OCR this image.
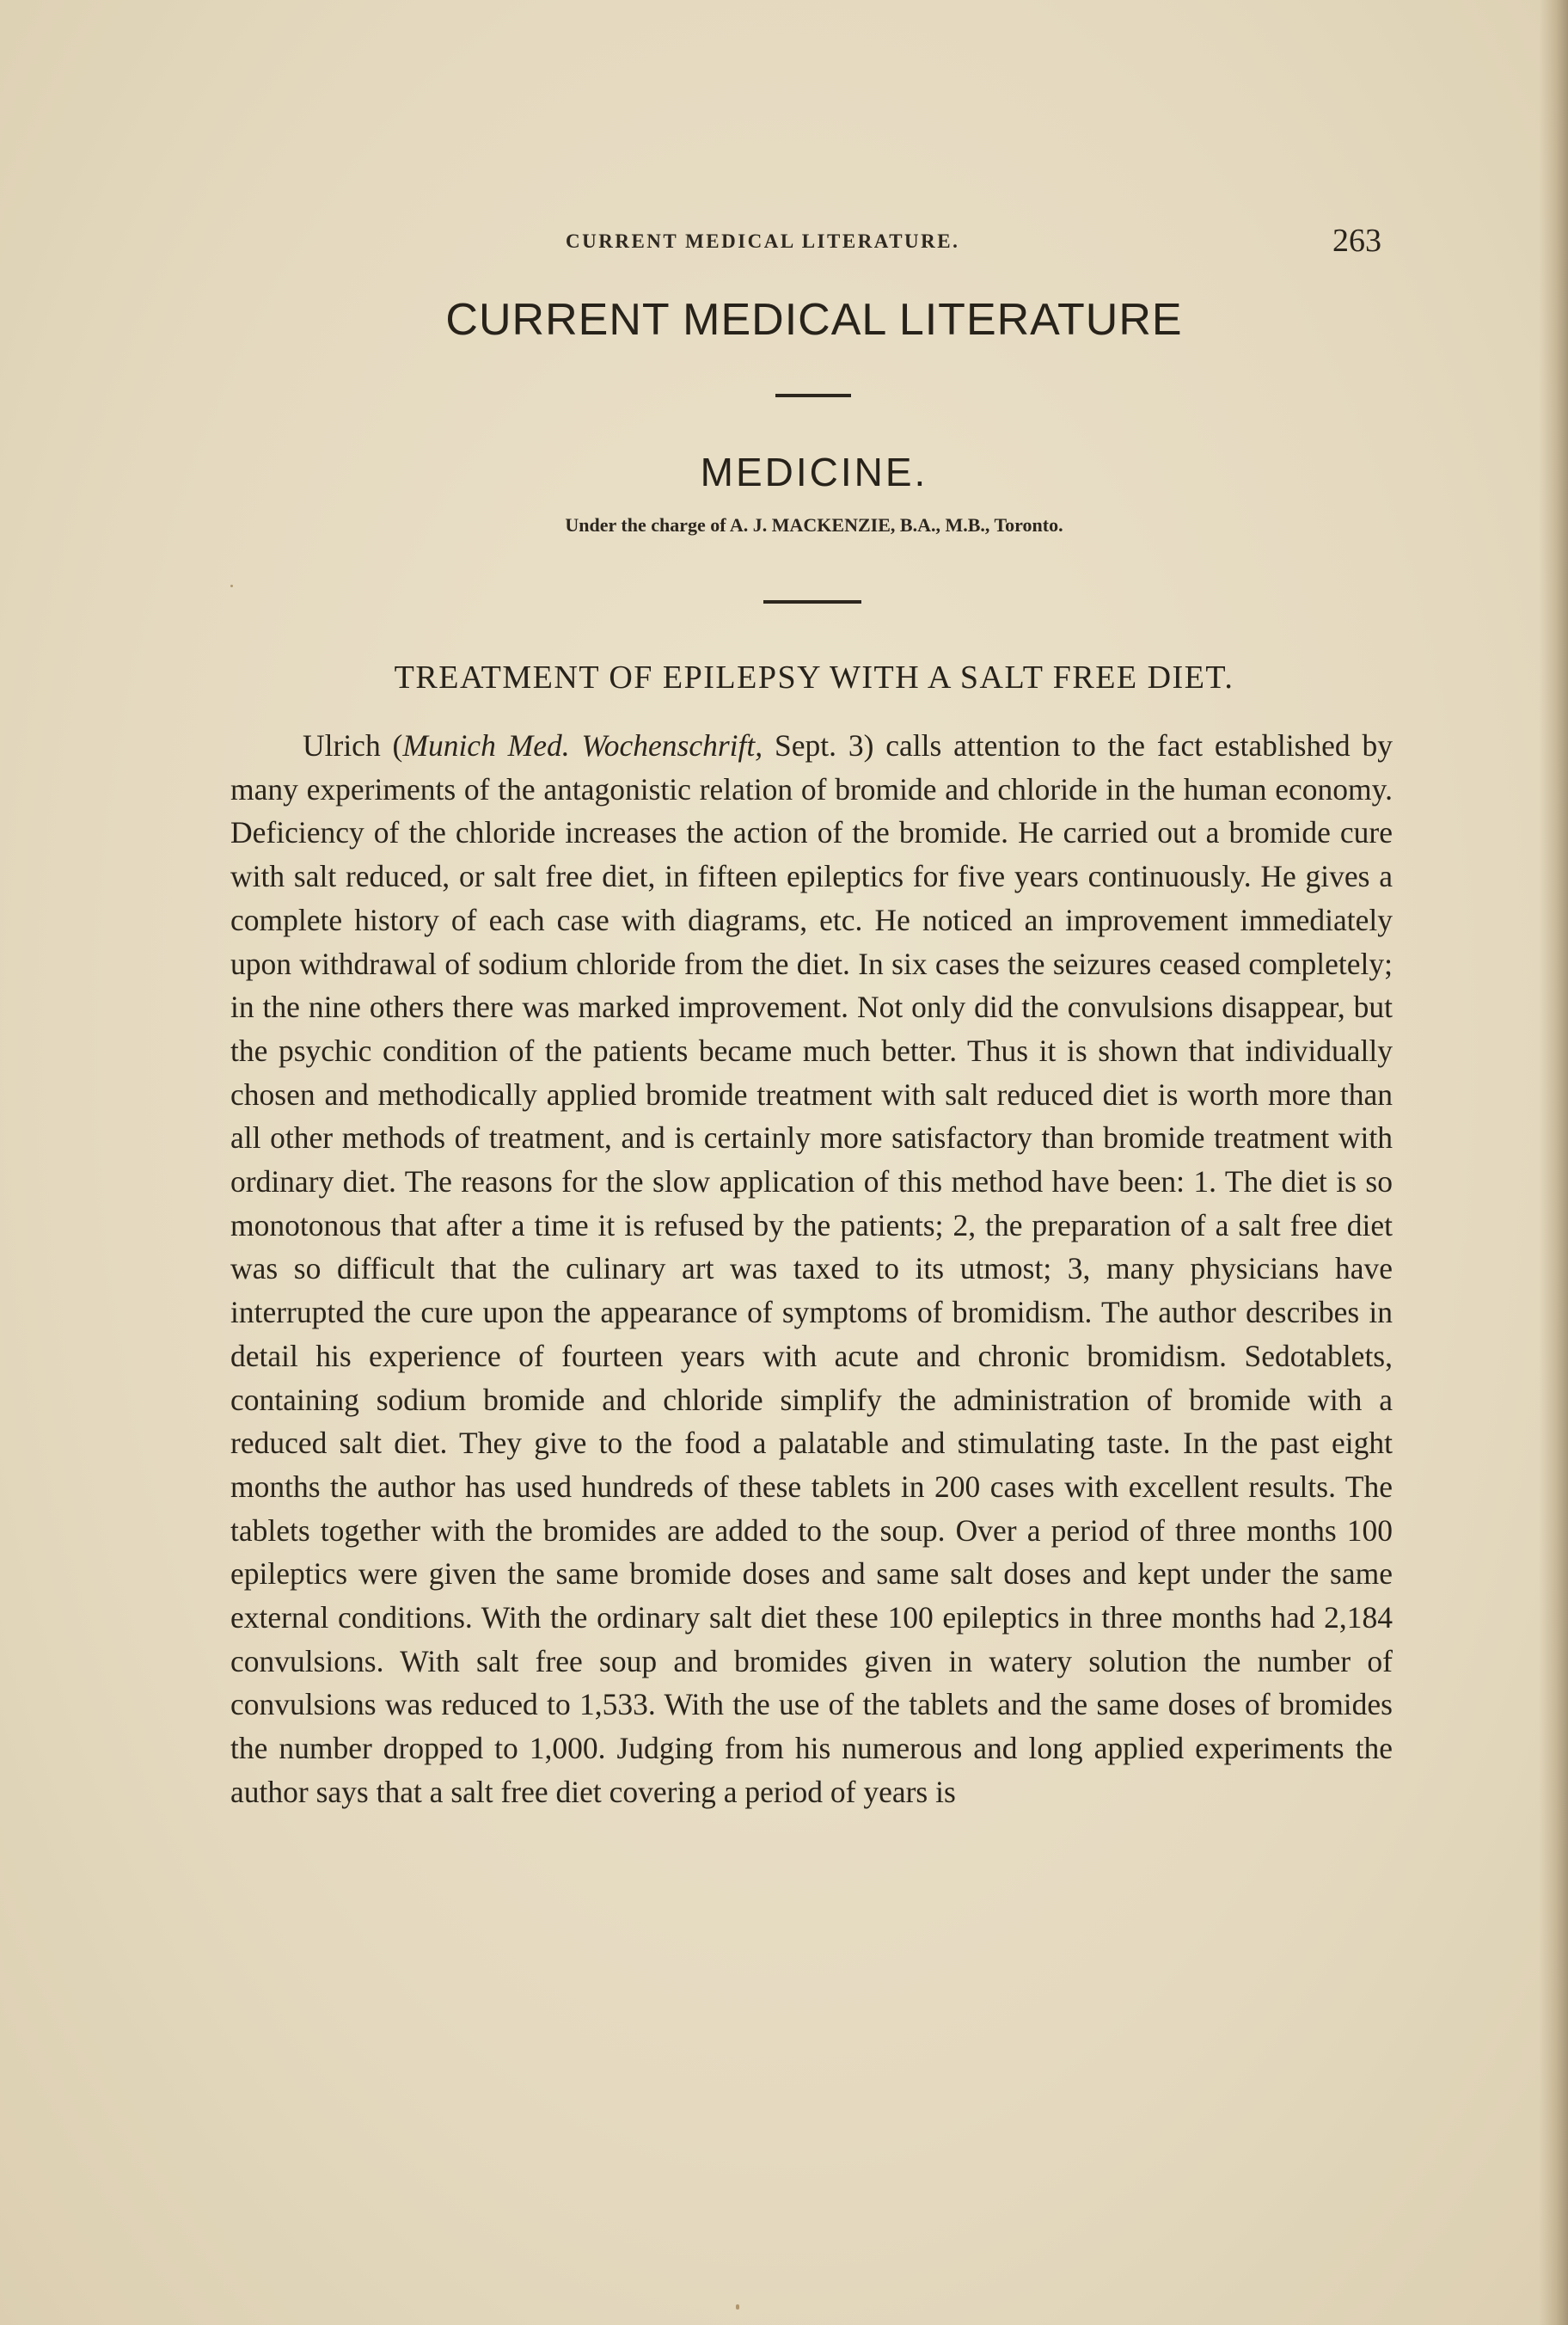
CURRENT MEDICAL LITERATURE.	263
CURRENT MEDICAL LITERATURE
MEDICINE.
Under the charge of A. J. MACKENZIE, B.A., M.B., Toronto.
TREATMENT OF EPILEPSY WITH A SALT FREE DIET.

Ulrich (Munich Med. Wochenschrift, Sept. 3) calls attention to the fact established by many experiments of the antagonistic relation of bromide and chloride in the human economy. Deficiency of the chloride increases the action of the bromide. He carried out a bromide cure with salt reduced, or salt free diet, in fifteen epileptics for five years continuously. He gives a complete history of each case with diagrams, etc. He noticed an improvement immediately upon withdrawal of sodium chloride from the diet. In six cases the seizures ceased completely; in the nine others there was marked improvement. Not only did the convulsions disappear, but the psychic condition of the patients became much better. Thus it is shown that individually chosen and methodically applied bromide treatment with salt reduced diet is worth more than all other methods of treatment, and is certainly more satisfactory than bromide treatment with ordinary diet. The reasons for the slow application of this method have been: 1. The diet is so monotonous that after a time it is refused by the patients; 2, the preparation of a salt free diet was so difficult that the culinary art was taxed to its utmost; 3, many physicians have interrupted the cure upon the appearance of symptoms of bromidism. The author describes in detail his experience of fourteen years with acute and chronic bromidism. Sedotablets, containing sodium bromide and chloride simplify the administration of bromide with a reduced salt diet. They give to the food a palatable and stimulating taste. In the past eight months the author has used hundreds of these tablets in 200 cases with excellent results. The tablets together with the bromides are added to the soup. Over a period of three months 100 epileptics were given the same bromide doses and same salt doses and kept under the same external conditions. With the ordinary salt diet these 100 epileptics in three months had 2,184 convulsions. With salt free soup and bromides given in watery solution the number of convulsions was reduced to 1,533. With the use of the tablets and the same doses of bromides the number dropped to 1,000. Judging from his numerous and long applied experiments the author says that a salt free diet covering a period of years is
